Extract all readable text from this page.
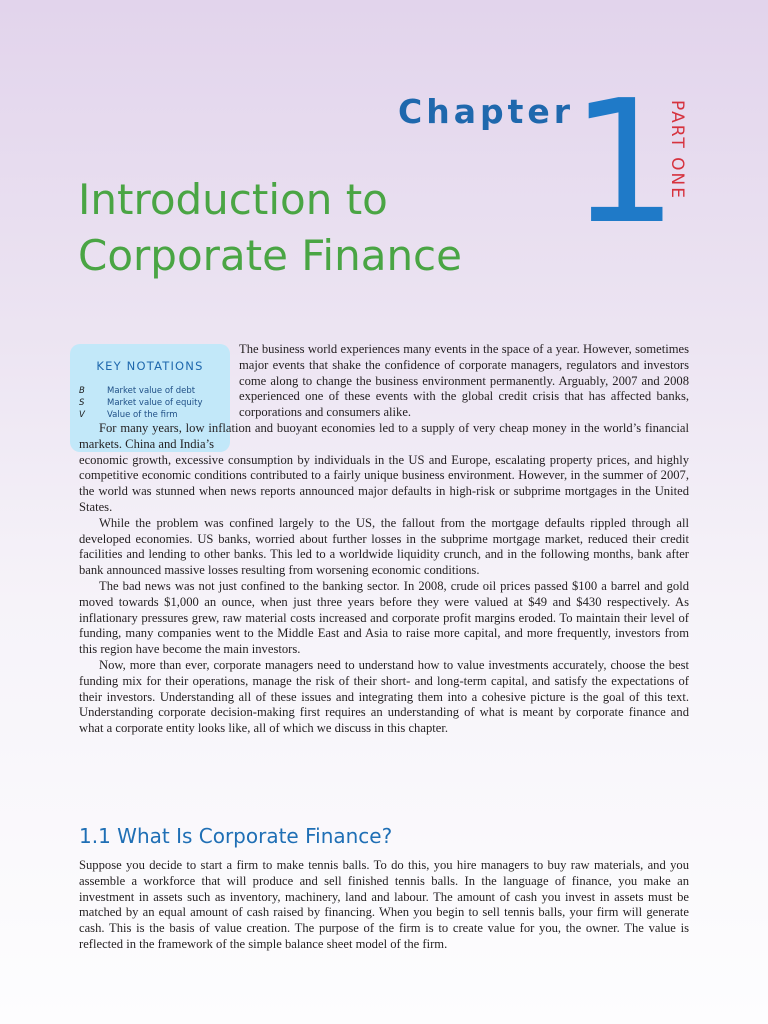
Chapter
1
PART ONE
Introduction to
Corporate Finance
KEY NOTATIONS
B	Market value of debt
S	Market value of equity
V	Value of the firm

The business world experiences many events in the space of a year. However, sometimes major events that shake the confidence of corporate managers, regulators and investors come along to change the business environment permanently. Arguably, 2007 and 2008 experienced one of these events with the global credit crisis that has affected banks, corporations and consumers alike.

For many years, low inflation and buoyant economies led to a supply of very cheap money in the world’s financial markets. China and India’s

economic growth, excessive consumption by individuals in the US and Europe, escalating property prices, and highly competitive economic conditions contributed to a fairly unique business environment. However, in the summer of 2007, the world was stunned when news reports announced major defaults in high-risk or subprime mortgages in the United States.

While the problem was confined largely to the US, the fallout from the mortgage defaults rippled through all developed economies. US banks, worried about further losses in the subprime mortgage market, reduced their credit facilities and lending to other banks. This led to a worldwide liquidity crunch, and in the following months, bank after bank announced massive losses resulting from worsening economic conditions.

The bad news was not just confined to the banking sector. In 2008, crude oil prices passed $100 a barrel and gold moved towards $1,000 an ounce, when just three years before they were valued at $49 and $430 respectively. As inflationary pressures grew, raw material costs increased and corporate profit margins eroded. To maintain their level of funding, many companies went to the Middle East and Asia to raise more capital, and more frequently, investors from this region have become the main investors.

Now, more than ever, corporate managers need to understand how to value investments accurately, choose the best funding mix for their operations, manage the risk of their short- and long-term capital, and satisfy the expectations of their investors. Understanding all of these issues and integrating them into a cohesive picture is the goal of this text. Understanding corporate decision-making first requires an understanding of what is meant by corporate finance and what a corporate entity looks like, all of which we discuss in this chapter.

1.1 What Is Corporate Finance?

Suppose you decide to start a firm to make tennis balls. To do this, you hire managers to buy raw materials, and you assemble a workforce that will produce and sell finished tennis balls. In the language of finance, you make an investment in assets such as inventory, machinery, land and labour. The amount of cash you invest in assets must be matched by an equal amount of cash raised by financing. When you begin to sell tennis balls, your firm will generate cash. This is the basis of value creation. The purpose of the firm is to create value for you, the owner. The value is reflected in the framework of the simple balance sheet model of the firm.
